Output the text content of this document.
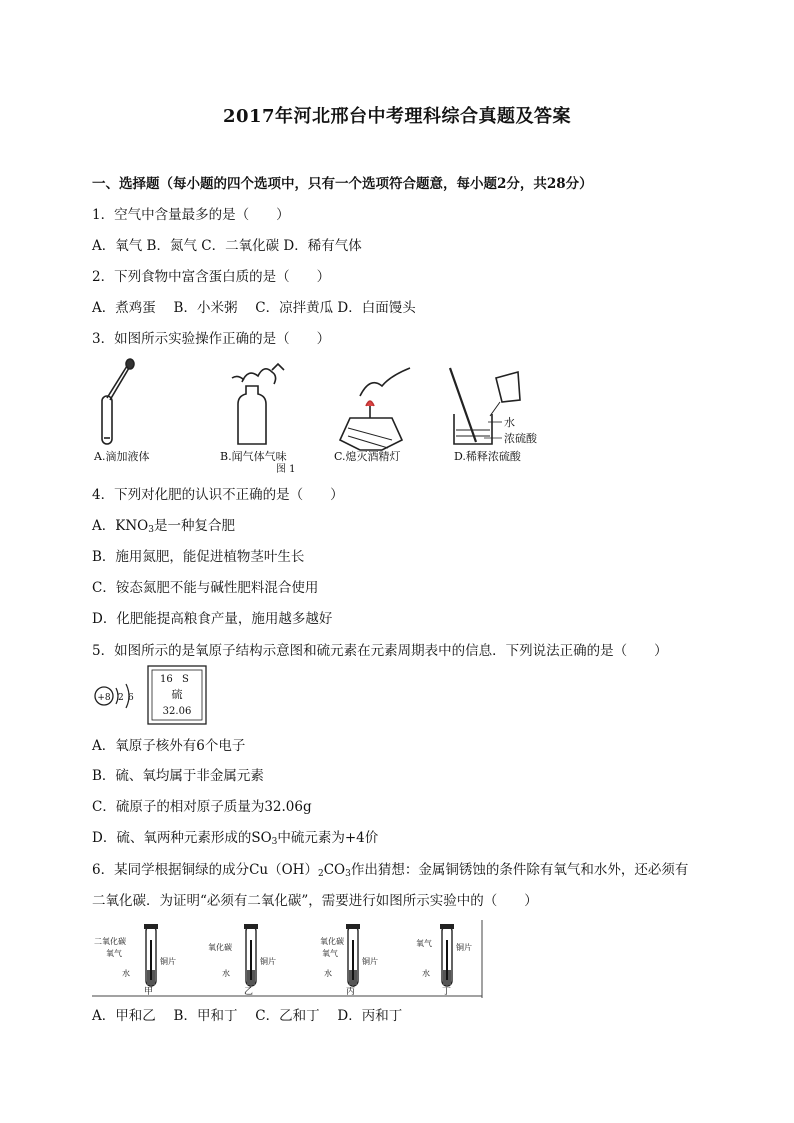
2017年河北邢台中考理科综合真题及答案
一、选择题（每小题的四个选项中，只有一个选项符合题意，每小题2分，共28分）
1．空气中含量最多的是（　　）
A．氧气 B．氮气 C．二氧化碳 D．稀有气体
2．下列食物中富含蛋白质的是（　　）
A．煮鸡蛋　 B．小米粥　 C．凉拌黄瓜 D．白面馒头
3．如图所示实验操作正确的是（　　）
水
浓硫酸
A.滴加液体	B.闻气体气味	C.熄灭酒精灯	D.稀释浓硫酸
图 1
4．下列对化肥的认识不正确的是（　　）
A．$KNO_3$是一种复合肥
B．施用氮肥，能促进植物茎叶生长
C．铵态氮肥不能与碱性肥料混合使用
D．化肥能提高粮食产量，施用越多越好
5．如图所示的是氧原子结构示意图和硫元素在元素周期表中的信息．下列说法正确的是（　　）
+8 2 6
16 S
硫
32.06
A．氧原子核外有6个电子
B．硫、氧均属于非金属元素
C．硫原子的相对原子质量为32.06g
D．硫、氧两种元素形成的$SO_3$中硫元素为+4价
6．某同学根据铜绿的成分$Cu(OH)_2CO_3$作出猜想：金属铜锈蚀的条件除有氧气和水外，还必须有
二氧化碳．为证明“必须有二氧化碳”，需要进行如图所示实验中的（　　）
二氧化碳
氧气
水
铜片
甲
氧化碳
水
铜片
乙
氧化碳
氧气
水
铜片
丙
氧气
水
铜片
丁
A．甲和乙　 B．甲和丁　 C．乙和丁　 D．丙和丁
